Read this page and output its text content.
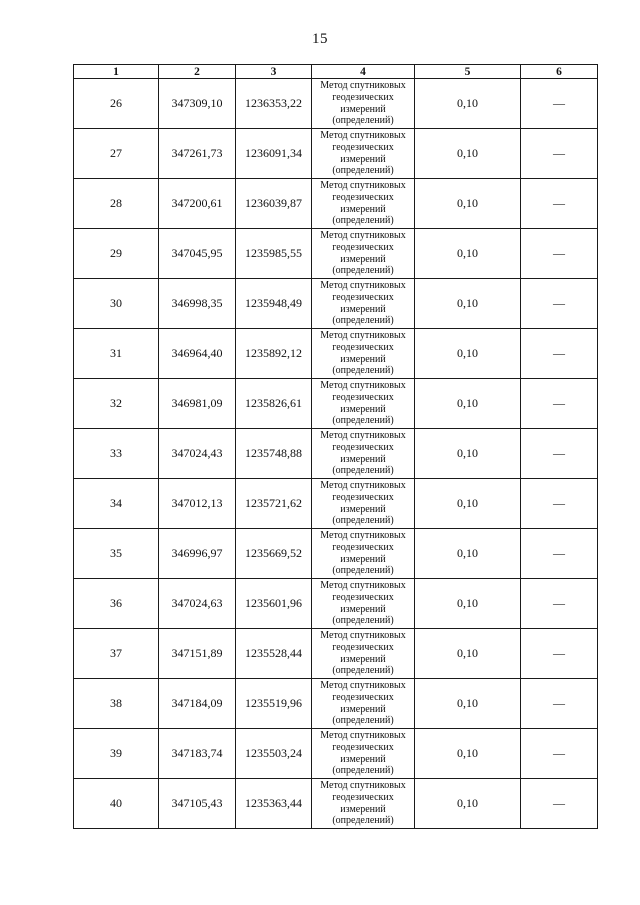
15
1	2	3	4	5	6
26	347309,10	1236353,22	Метод спутниковых
геодезических
измерений
(определений)	0,10	—
27	347261,73	1236091,34	Метод спутниковых
геодезических
измерений
(определений)	0,10	—
28	347200,61	1236039,87	Метод спутниковых
геодезических
измерений
(определений)	0,10	—
29	347045,95	1235985,55	Метод спутниковых
геодезических
измерений
(определений)	0,10	—
30	346998,35	1235948,49	Метод спутниковых
геодезических
измерений
(определений)	0,10	—
31	346964,40	1235892,12	Метод спутниковых
геодезических
измерений
(определений)	0,10	—
32	346981,09	1235826,61	Метод спутниковых
геодезических
измерений
(определений)	0,10	—
33	347024,43	1235748,88	Метод спутниковых
геодезических
измерений
(определений)	0,10	—
34	347012,13	1235721,62	Метод спутниковых
геодезических
измерений
(определений)	0,10	—
35	346996,97	1235669,52	Метод спутниковых
геодезических
измерений
(определений)	0,10	—
36	347024,63	1235601,96	Метод спутниковых
геодезических
измерений
(определений)	0,10	—
37	347151,89	1235528,44	Метод спутниковых
геодезических
измерений
(определений)	0,10	—
38	347184,09	1235519,96	Метод спутниковых
геодезических
измерений
(определений)	0,10	—
39	347183,74	1235503,24	Метод спутниковых
геодезических
измерений
(определений)	0,10	—
40	347105,43	1235363,44	Метод спутниковых
геодезических
измерений
(определений)	0,10	—
